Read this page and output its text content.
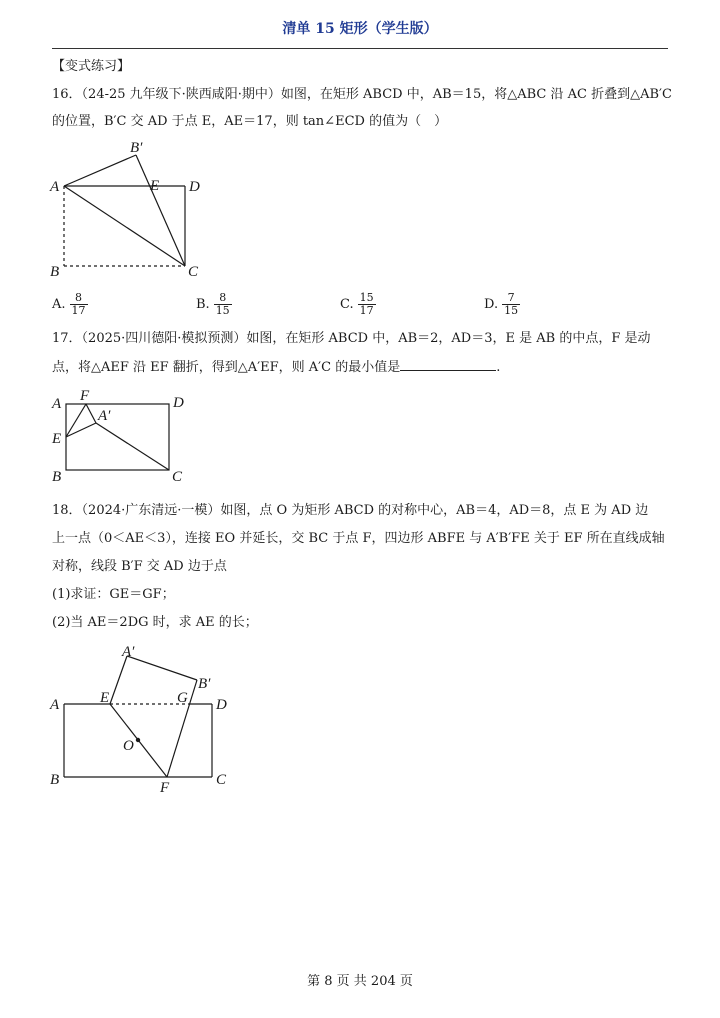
清单 15 矩形（学生版）
【变式练习】
16．（24-25 九年级下·陕西咸阳·期中）如图，在矩形 ABCD 中，AB＝15，将△ABC 沿 AC 折叠到△AB′C
的位置，B′C 交 AD 于点 E，AE＝17，则 tan∠ECD 的值为（　）
A
B′
E D
B	C
A. $\frac{8}{17}$	B. $\frac{8}{15}$	C. $\frac{15}{17}$	D. $\frac{7}{15}$
17．（2025·四川德阳·模拟预测）如图，在矩形 ABCD 中，AB＝2，AD＝3，E 是 AB 的中点，F 是动
点，将△AEF 沿 EF 翻折，得到△A′EF，则 A′C 的最小值是	.
A F
A′
D
E
B	C
18．（2024·广东清远·一模）如图，点 O 为矩形 ABCD 的对称中心，AB＝4，AD＝8，点 E 为 AD 边
上一点（0＜AE＜3），连接 EO 并延长，交 BC 于点 F，四边形 ABFE 与 A′B′FE 关于 EF 所在直线成轴
对称，线段 B′F 交 AD 边于点
(1)求证：GE＝GF；
(2)当 AE＝2DG 时，求 AE 的长；
A′
B′
A	E	G D
O
B	F	C
第 8 页 共 204 页
